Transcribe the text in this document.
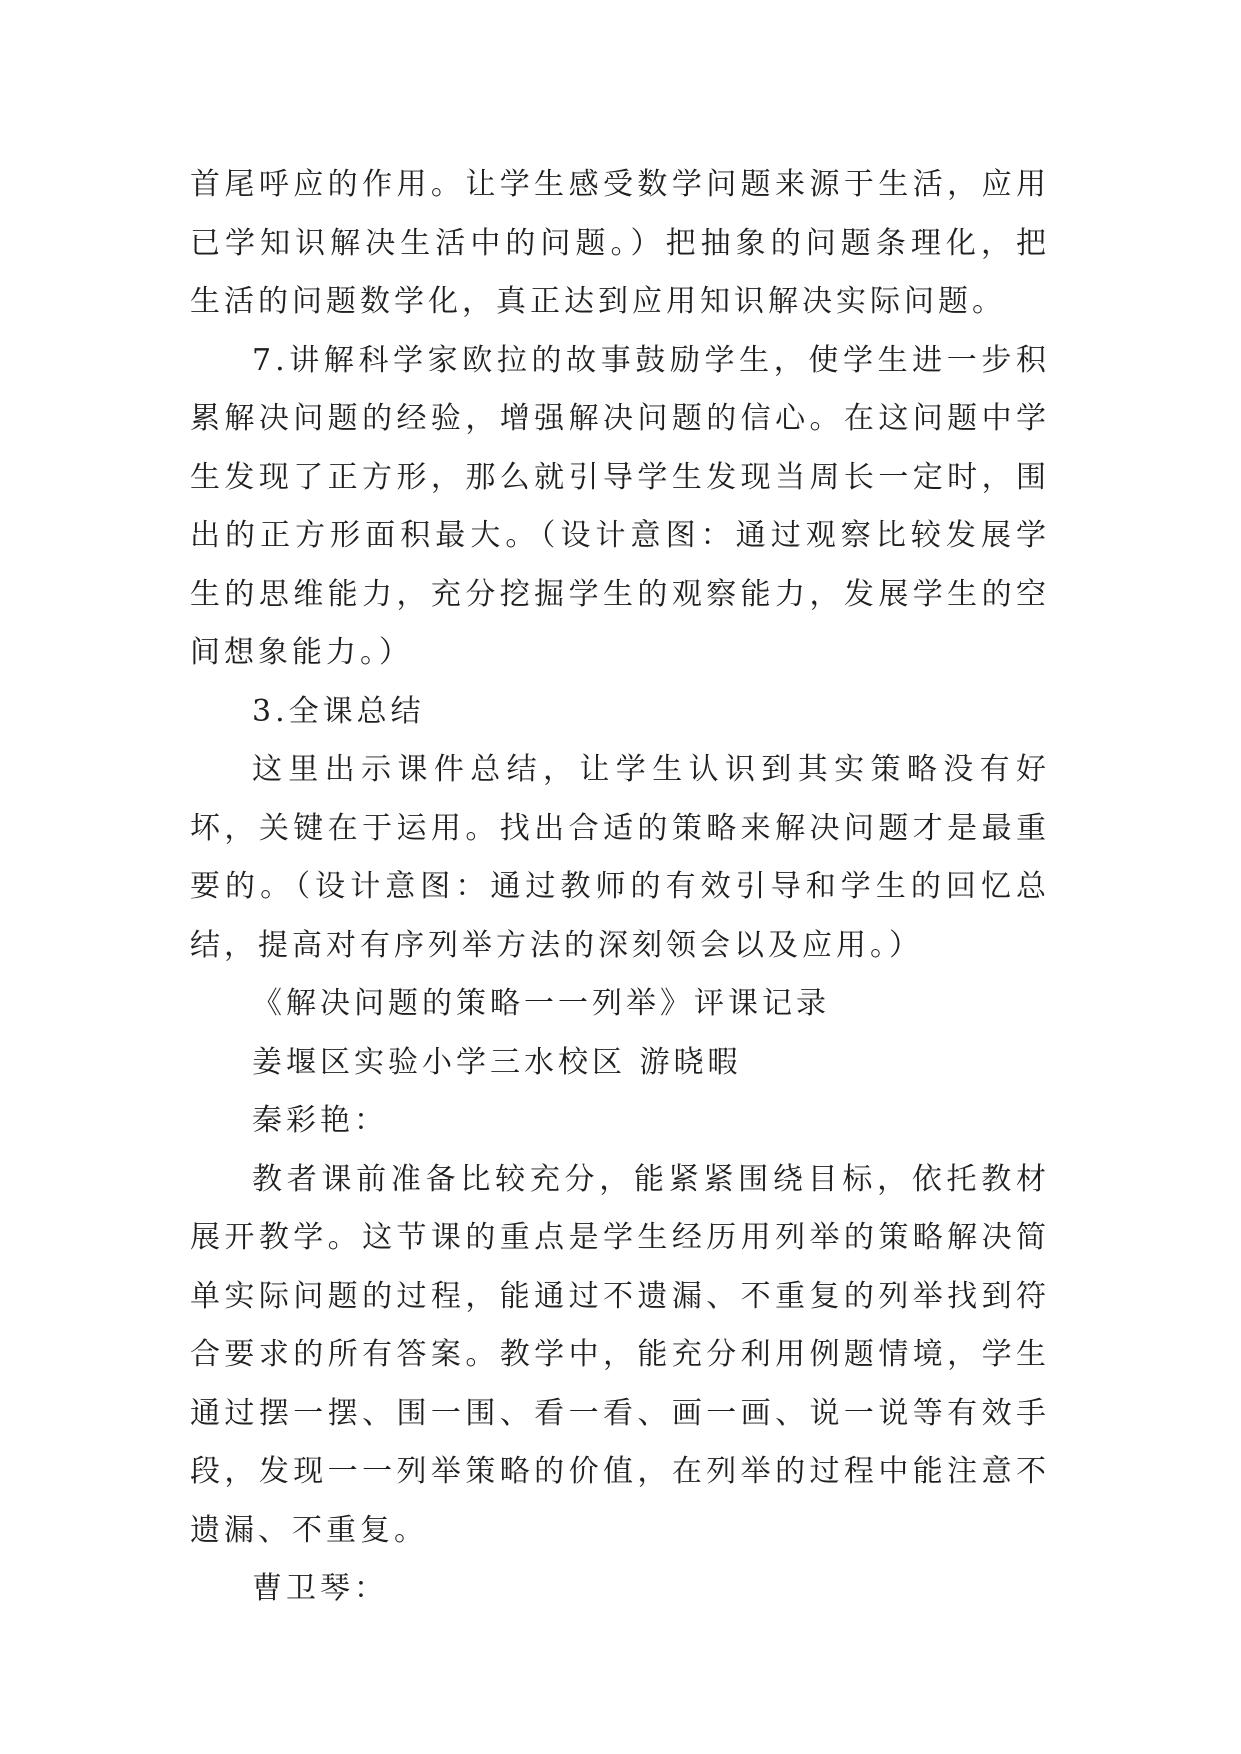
首尾呼应的作用。让学生感受数学问题来源于生活，应用已学知识解决生活中的问题。）把抽象的问题条理化，把生活的问题数学化，真正达到应用知识解决实际问题。

7.讲解科学家欧拉的故事鼓励学生，使学生进一步积累解决问题的经验，增强解决问题的信心。在这问题中学生发现了正方形，那么就引导学生发现当周长一定时，围出的正方形面积最大。（设计意图：通过观察比较发展学生的思维能力，充分挖掘学生的观察能力，发展学生的空间想象能力。）

3.全课总结

这里出示课件总结，让学生认识到其实策略没有好坏，关键在于运用。找出合适的策略来解决问题才是最重要的。（设计意图：通过教师的有效引导和学生的回忆总结，提高对有序列举方法的深刻领会以及应用。）

《解决问题的策略一一列举》评课记录

姜堰区实验小学三水校区 游晓暇

秦彩艳：

教者课前准备比较充分，能紧紧围绕目标，依托教材展开教学。这节课的重点是学生经历用列举的策略解决简单实际问题的过程，能通过不遗漏、不重复的列举找到符合要求的所有答案。教学中，能充分利用例题情境，学生通过摆一摆、围一围、看一看、画一画、说一说等有效手段，发现一一列举策略的价值，在列举的过程中能注意不遗漏、不重复。

曹卫琴：
